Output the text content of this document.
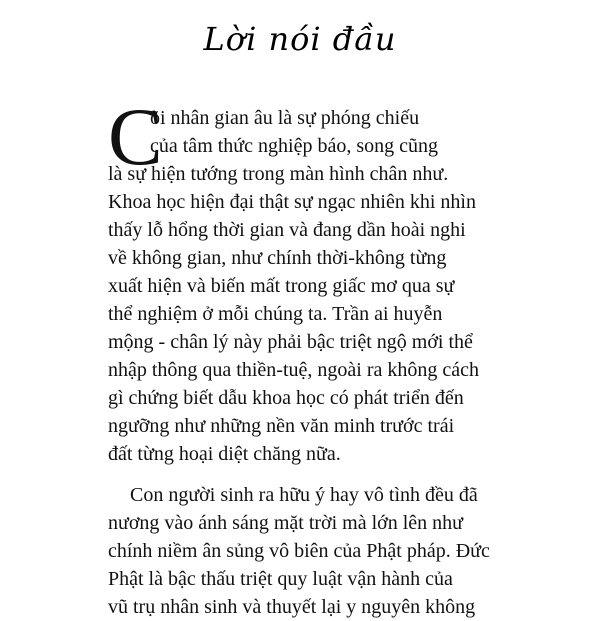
Lời nói đầu
C
õi nhân gian âu là sự phóng chiếu
của tâm thức nghiệp báo, song cũng
là sự hiện tướng trong màn hình chân như.
Khoa học hiện đại thật sự ngạc nhiên khi nhìn
thấy lỗ hổng thời gian và đang dần hoài nghi
về không gian, như chính thời-không từng
xuất hiện và biến mất trong giấc mơ qua sự
thể nghiệm ở mỗi chúng ta. Trần ai huyễn
mộng - chân lý này phải bậc triệt ngộ mới thể
nhập thông qua thiền-tuệ, ngoài ra không cách
gì chứng biết dẫu khoa học có phát triển đến
ngưỡng như những nền văn minh trước trái
đất từng hoại diệt chăng nữa.
Con người sinh ra hữu ý hay vô tình đều đã
nương vào ánh sáng mặt trời mà lớn lên như
chính niềm ân sủng vô biên của Phật pháp. Đức
Phật là bậc thấu triệt quy luật vận hành của
vũ trụ nhân sinh và thuyết lại y nguyên không
